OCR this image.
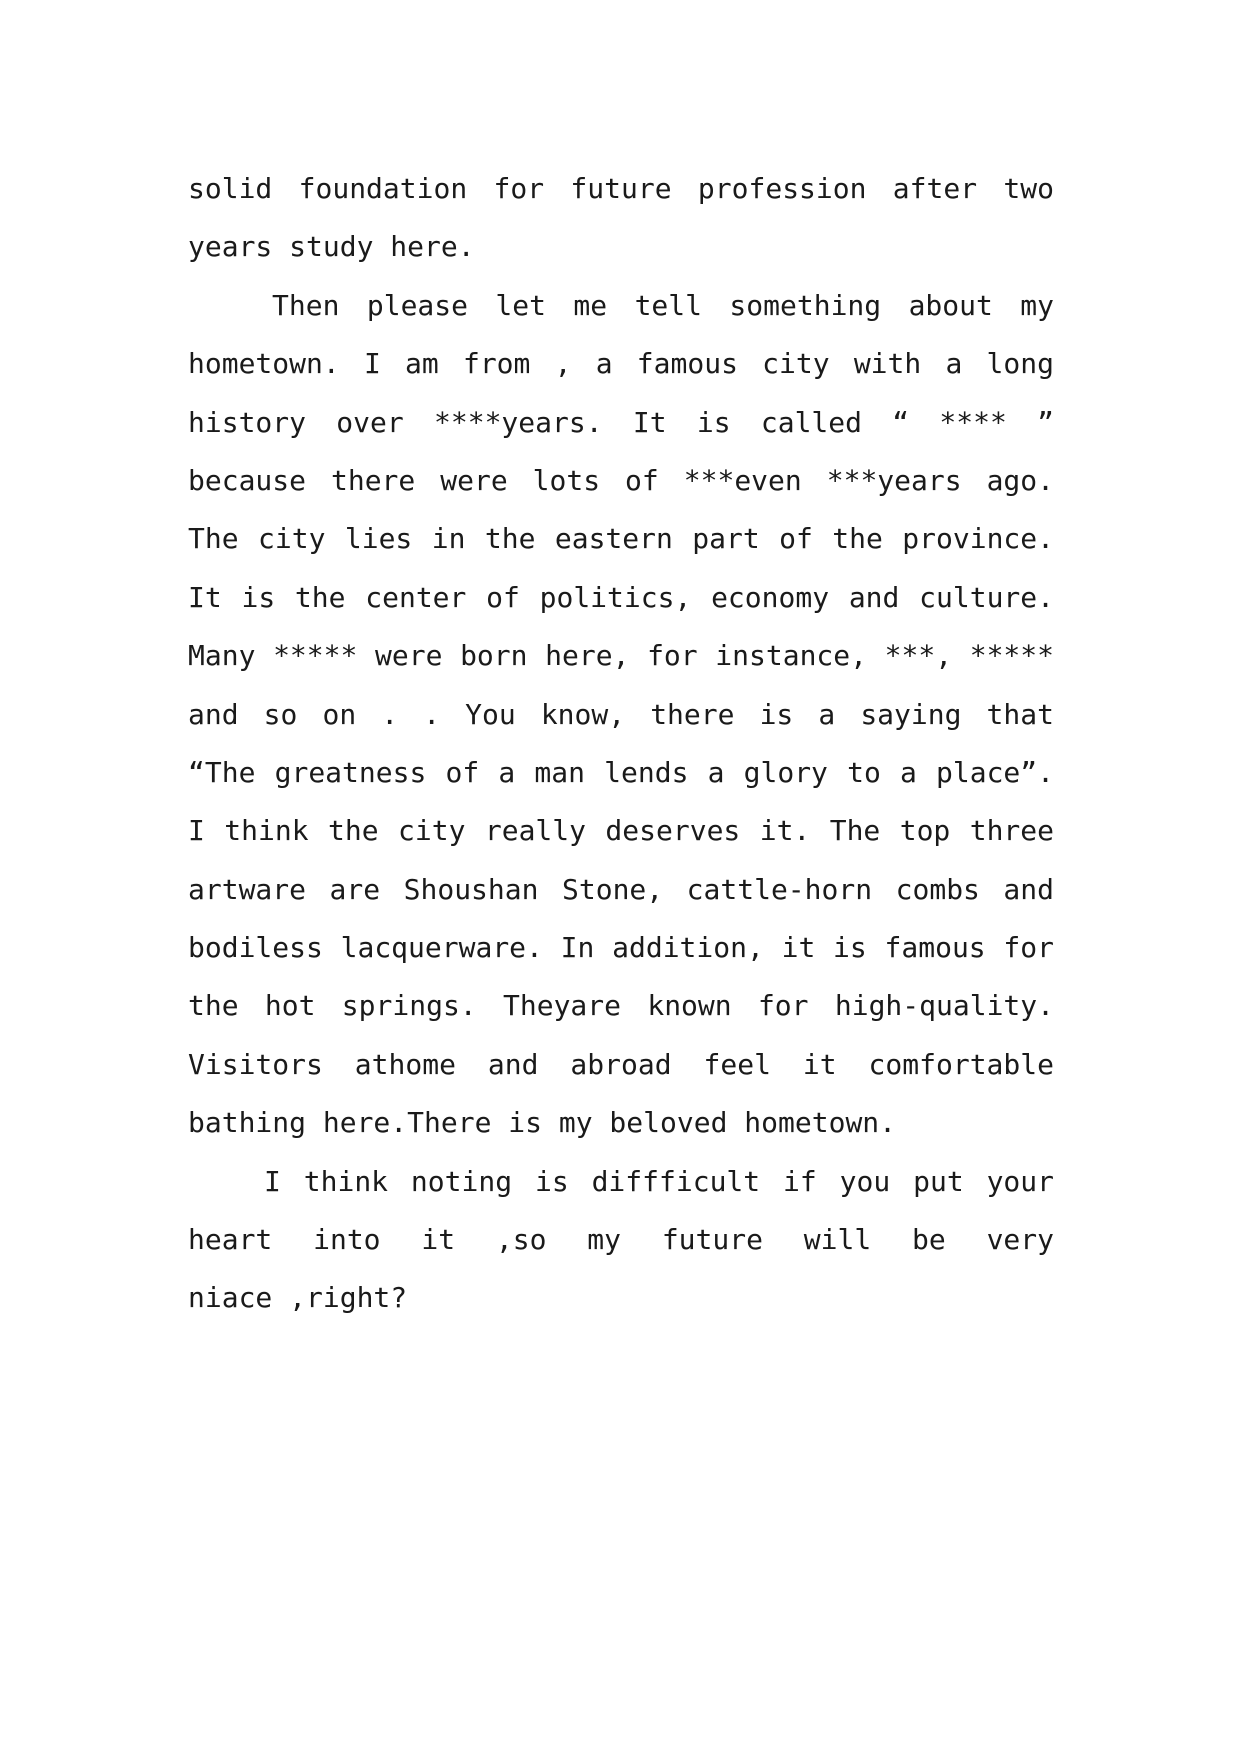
solid foundation for future profession after two
years study here.
Then please let me tell something about my
hometown. I am from , a famous city with a long
history over ****years. It is called “ **** ”
because there were lots of ***even ***years ago.
The city lies in the eastern part of the province.
It is the center of politics, economy and culture.
Many ***** were born here, for instance, ***, *****
and so on . . You know, there is a saying that
“The greatness of a man lends a glory to a place”.
I think the city really deserves it. The top three
artware are Shoushan Stone, cattle-horn combs and
bodiless lacquerware. In addition, it is famous for
the hot springs. Theyare known for high-quality.
Visitors athome and abroad feel it comfortable
bathing here.There is my beloved hometown.
I think noting is diffficult if you put your
heart into it ,so my future will be very
niace ,right?
